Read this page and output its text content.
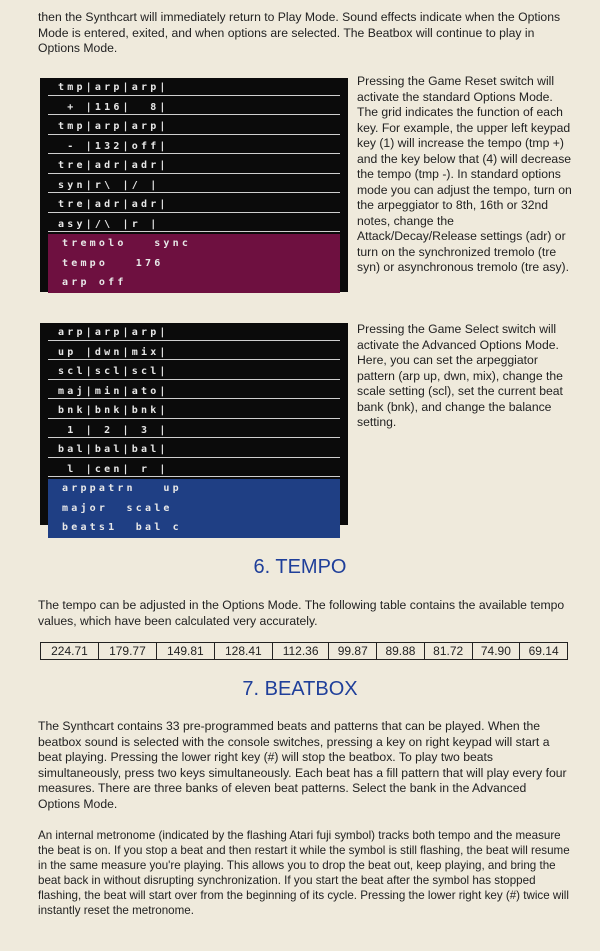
then the Synthcart will immediately return to Play Mode. Sound effects indicate when the Options Mode is entered, exited, and when options are selected. The Beatbox will continue to play in Options Mode.

tmp|arp|arp|
+ |116|  8|
tmp|arp|arp|
- |132|off|
tre|adr|adr|
syn|r\ |/ |
tre|adr|adr|
asy|/\ |r |
tremolo   sync
tempo   176
arp off
Pressing the Game Reset switch will activate the standard Options Mode. The grid indicates the function of each key. For example, the upper left keypad key (1) will increase the tempo (tmp +) and the key below that (4) will decrease the tempo (tmp -). In standard options mode you can adjust the tempo, turn on the arpeggiator to 8th, 16th or 32nd notes, change the Attack/Decay/Release settings (adr) or turn on the synchronized tremolo (tre syn) or asynchronous tremolo (tre asy).
arp|arp|arp|
up |dwn|mix|
scl|scl|scl|
maj|min|ato|
bnk|bnk|bnk|
1 | 2 | 3 |
bal|bal|bal|
l |cen| r |
arppatrn   up
major  scale
beats1  bal c
Pressing the Game Select switch will activate the Advanced Options Mode. Here, you can set the arpeggiator pattern (arp up, dwn, mix), change the scale setting (scl), set the current beat bank (bnk), and change the balance setting.
6. TEMPO

The tempo can be adjusted in the Options Mode. The following table contains the available tempo values, which have been calculated very accurately.

224.71	179.77	149.81	128.41	112.36	99.87	89.88	81.72	74.90	69.14
7. BEATBOX

The Synthcart contains 33 pre-programmed beats and patterns that can be played. When the beatbox sound is selected with the console switches, pressing a key on right keypad will start a beat playing. Pressing the lower right key (#) will stop the beatbox. To play two beats simultaneously, press two keys simultaneously. Each beat has a fill pattern that will play every four measures. There are three banks of eleven beat patterns. Select the bank in the Advanced Options Mode.

An internal metronome (indicated by the flashing Atari fuji symbol) tracks both tempo and the measure the beat is on. If you stop a beat and then restart it while the symbol is still flashing, the beat will resume in the same measure you're playing. This allows you to drop the beat out, keep playing, and bring the beat back in without disrupting synchronization. If you start the beat after the symbol has stopped flashing, the beat will start over from the beginning of its cycle. Pressing the lower right key (#) twice will instantly reset the metronome.
